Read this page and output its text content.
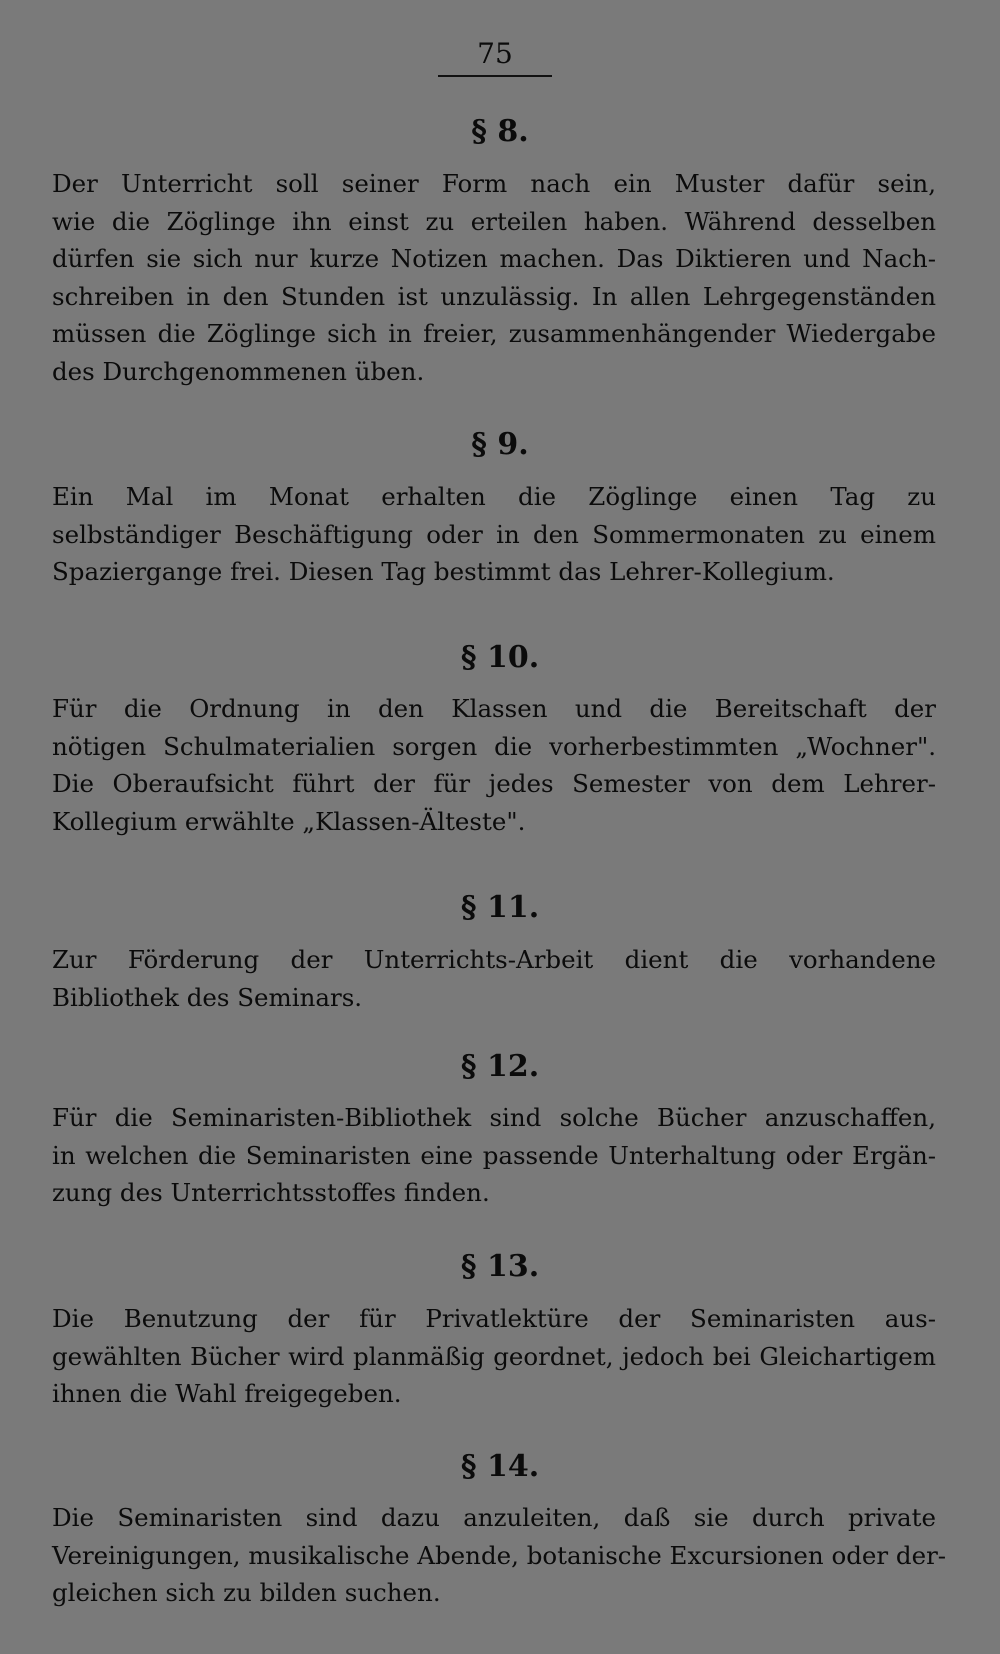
75
§ 8.
Der Unterricht soll seiner Form nach ein Muster dafür sein,
wie die Zöglinge ihn einst zu erteilen haben. Während desselben
dürfen sie sich nur kurze Notizen machen. Das Diktieren und Nach-
schreiben in den Stunden ist unzulässig. In allen Lehrgegenständen
müssen die Zöglinge sich in freier, zusammenhängender Wiedergabe
des Durchgenommenen üben.
§ 9.
Ein Mal im Monat erhalten die Zöglinge einen Tag zu
selbständiger Beschäftigung oder in den Sommermonaten zu einem
Spaziergange frei. Diesen Tag bestimmt das Lehrer-Kollegium.
§ 10.
Für die Ordnung in den Klassen und die Bereitschaft der
nötigen Schulmaterialien sorgen die vorherbestimmten „Wochner".
Die Oberaufsicht führt der für jedes Semester von dem Lehrer-
Kollegium erwählte „Klassen-Älteste".
§ 11.
Zur Förderung der Unterrichts-Arbeit dient die vorhandene
Bibliothek des Seminars.
§ 12.
Für die Seminaristen-Bibliothek sind solche Bücher anzuschaffen,
in welchen die Seminaristen eine passende Unterhaltung oder Ergän-
zung des Unterrichtsstoffes finden.
§ 13.
Die Benutzung der für Privatlektüre der Seminaristen aus-
gewählten Bücher wird planmäßig geordnet, jedoch bei Gleichartigem
ihnen die Wahl freigegeben.
§ 14.
Die Seminaristen sind dazu anzuleiten, daß sie durch private
Vereinigungen, musikalische Abende, botanische Excursionen oder der-
gleichen sich zu bilden suchen.
